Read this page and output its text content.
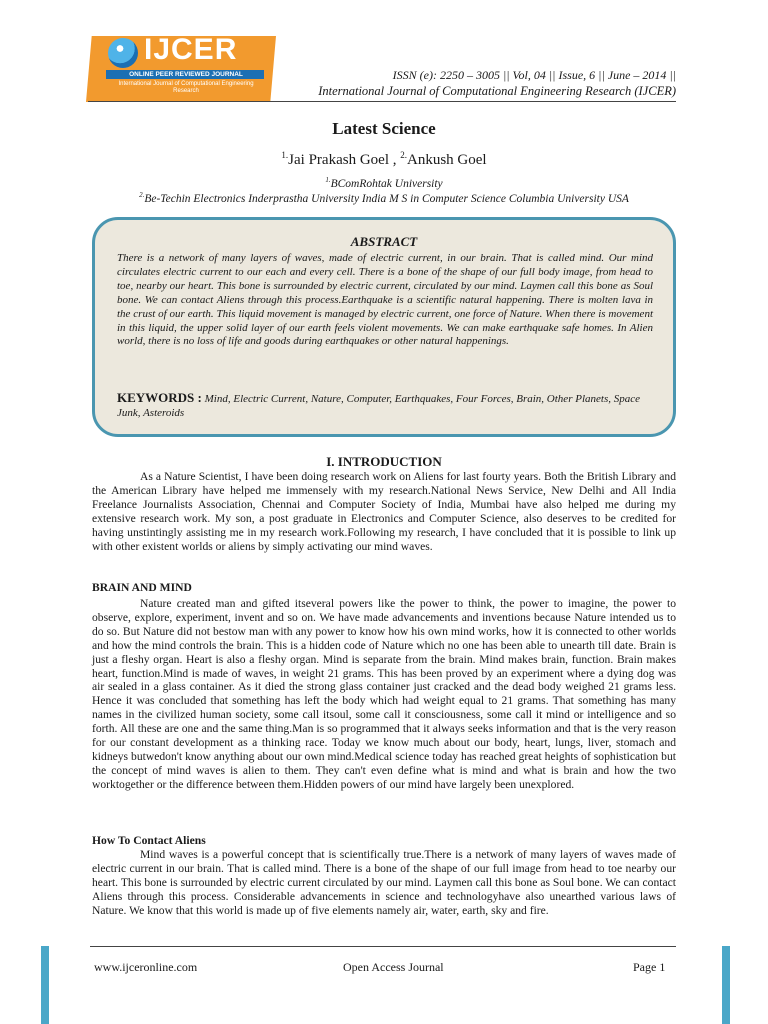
IJCER
ONLINE PEER REVIEWED JOURNAL
International Journal of Computational Engineering Research
ISSN (e): 2250 – 3005 || Vol, 04 || Issue, 6 || June – 2014 ||
International Journal of Computational Engineering Research (IJCER)
Latest Science
$^{1.}$Jai Prakash Goel , $^{2.}$Ankush Goel
$^{1.}$BComRohtak University
$^{2.}$Be-Techin Electronics Inderprastha University India M S in Computer Science Columbia University USA
ABSTRACT
There is a network of many layers of waves, made of electric current, in our brain. That is called mind. Our mind circulates electric current to our each and every cell. There is a bone of the shape of our full body image, from head to toe, nearby our heart. This bone is surrounded by electric current, circulated by our mind. Laymen call this bone as Soul bone. We can contact Aliens through this process.Earthquake is a scientific natural happening. There is molten lava in the crust of our earth. This liquid movement is managed by electric current, one force of Nature. When there is movement in this liquid, the upper solid layer of our earth feels violent movements. We can make earthquake safe homes. In Alien world, there is no loss of life and goods during earthquakes or other natural happenings.
KEYWORDS : Mind, Electric Current, Nature, Computer, Earthquakes, Four Forces, Brain, Other Planets, Space Junk, Asteroids
I. INTRODUCTION
As a Nature Scientist, I have been doing research work on Aliens for last fourty years. Both the British Library and the American Library have helped me immensely with my research.National News Service, New Delhi and All India Freelance Journalists Association, Chennai and Computer Society of India, Mumbai have also helped me during my extensive research work. My son, a post graduate in Electronics and Computer Science, also deserves to be credited for having unstintingly assisting me in my research work.Following my research, I have concluded that it is possible to link up with other existent worlds or aliens by simply activating our mind waves.
BRAIN AND MIND
Nature created man and gifted itseveral powers like the power to think, the power to imagine, the power to observe, explore, experiment, invent and so on. We have made advancements and inventions because Nature intended us to do so. But Nature did not bestow man with any power to know how his own mind works, how it is connected to other worlds and how the mind controls the brain. This is a hidden code of Nature which no one has been able to unearth till date. Brain is just a fleshy organ. Heart is also a fleshy organ. Mind is separate from the brain. Mind makes brain, function. Brain makes heart, function.Mind is made of waves, in weight 21 grams. This has been proved by an experiment where a dying dog was air sealed in a glass container. As it died the strong glass container just cracked and the dead body weighed 21 grams less. Hence it was concluded that something has left the body which had weight equal to 21 grams. That something has many names in the civilized human society, some call itsoul, some call it consciousness, some call it mind or intelligence and so forth. All these are one and the same thing.Man is so programmed that it always seeks information and that is the very reason for our constant development as a thinking race. Today we know much about our body, heart, lungs, liver, stomach and kidneys butwedon't know anything about our own mind.Medical science today has reached great heights of sophistication but the concept of mind waves is alien to them. They can't even define what is mind and what is brain and how the two worktogether or the difference between them.Hidden powers of our mind have largely been unexplored.
How To Contact Aliens
Mind waves is a powerful concept that is scientifically true.There is a network of many layers of waves made of electric current in our brain. That is called mind. There is a bone of the shape of our full image from head to toe nearby our heart. This bone is surrounded by electric current circulated by our mind. Laymen call this bone as Soul bone. We can contact Aliens through this process. Considerable advancements in science and technologyhave also unearthed various laws of Nature. We know that this world is made up of five elements namely air, water, earth, sky and fire.
www.ijceronline.com	Open Access Journal	Page 1
